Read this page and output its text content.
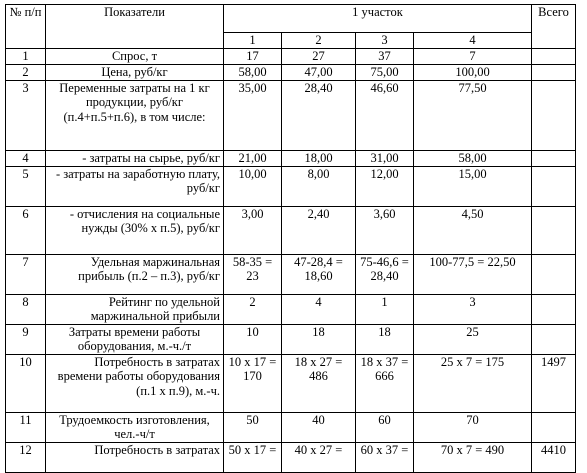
№ п/п	Показатели	1 участок				Всего
		1	2	3	4	
1	Спрос, т	17	27	37	7	
2	Цена, руб/кг	58,00	47,00	75,00	100,00	
3	Переменные затраты на 1 кг продукции, руб/кг (п.4+п.5+п.6), в том числе:	35,00	28,40	46,60	77,50	
4	- затраты на сырье, руб/кг	21,00	18,00	31,00	58,00	
5	- затраты на заработную плату, руб/кг	10,00	8,00	12,00	15,00	
6	- отчисления на социальные нужды (30% х п.5), руб/кг	3,00	2,40	3,60	4,50	
7	Удельная маржинальная прибыль (п.2 – п.3), руб/кг	58-35 = 23	47-28,4 = 18,60	75-46,6 = 28,40	100-77,5 = 22,50	
8	Рейтинг по удельной маржинальной прибыли	2	4	1	3	
9	Затраты времени работы оборудования, м.-ч./т	10	18	18	25	
10	Потребность в затратах времени работы оборудования (п.1 х п.9), м.-ч.	10 х 17 = 170	18 х 27 = 486	18 х 37 = 666	25 х 7 = 175	1497
11	Трудоемкость изготовления, чел.-ч/т	50	40	60	70	
12	Потребность в затратах	50 х 17 =	40 х 27 =	60 х 37 =	70 х 7 = 490	4410
